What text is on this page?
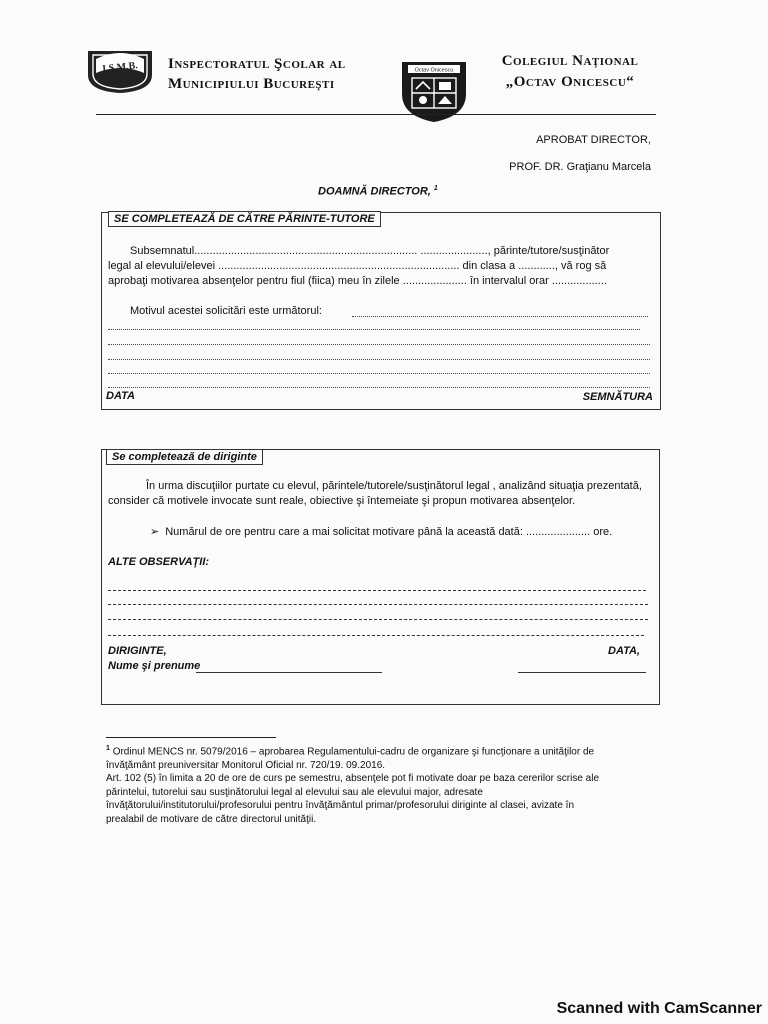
I.S.M.B. Inspectoratul Şcolar al
Municipiului Bucureşti
Octav Onicescu
Colegiul Naţional
„Octav Onicescu“
APROBAT DIRECTOR,
PROF. DR. Graţianu Marcela
DOAMNĂ DIRECTOR, $^1$
SE COMPLETEAZĂ DE CĂTRE PĂRINTE-TUTORE
Subsemnatul......................................................................... ......................, părinte/tutore/susţinător
legal al elevului/elevei ............................................................................... din clasa a ............, vă rog să
aprobaţi motivarea absenţelor pentru fiul (fiica) meu în zilele ..................... în intervalul orar ..................
Motivul acestei solicitări este următorul:
DATA	SEMNĂTURA
Se completează de diriginte
În urma discuţiilor purtate cu elevul, părintele/tutorele/susţinătorul legal , analizând situaţia prezentată, consider că motivele invocate sunt reale, obiective şi întemeiate şi propun motivarea absenţelor.
➢ Numărul de ore pentru care a mai solicitat motivare până la această dată: ..................... ore.
ALTE OBSERVAŢII:
DIRIGINTE,	DATA,
Nume şi prenume
$^1$ Ordinul MENCS nr. 5079/2016 – aprobarea Regulamentului-cadru de organizare şi funcţionare a unităţilor de
învăţământ preuniversitar Monitorul Oficial nr. 720/19. 09.2016.
Art. 102 (5) în limita a 20 de ore de curs pe semestru, absenţele pot fi motivate doar pe baza cererilor scrise ale
părintelui, tutorelui sau susţinătorului legal al elevului sau ale elevului major, adresate
învăţătorului/institutorului/profesorului pentru învăţământul primar/profesorului diriginte al clasei, avizate în
prealabil de motivare de către directorul unităţii.
Scanned with CamScanner
